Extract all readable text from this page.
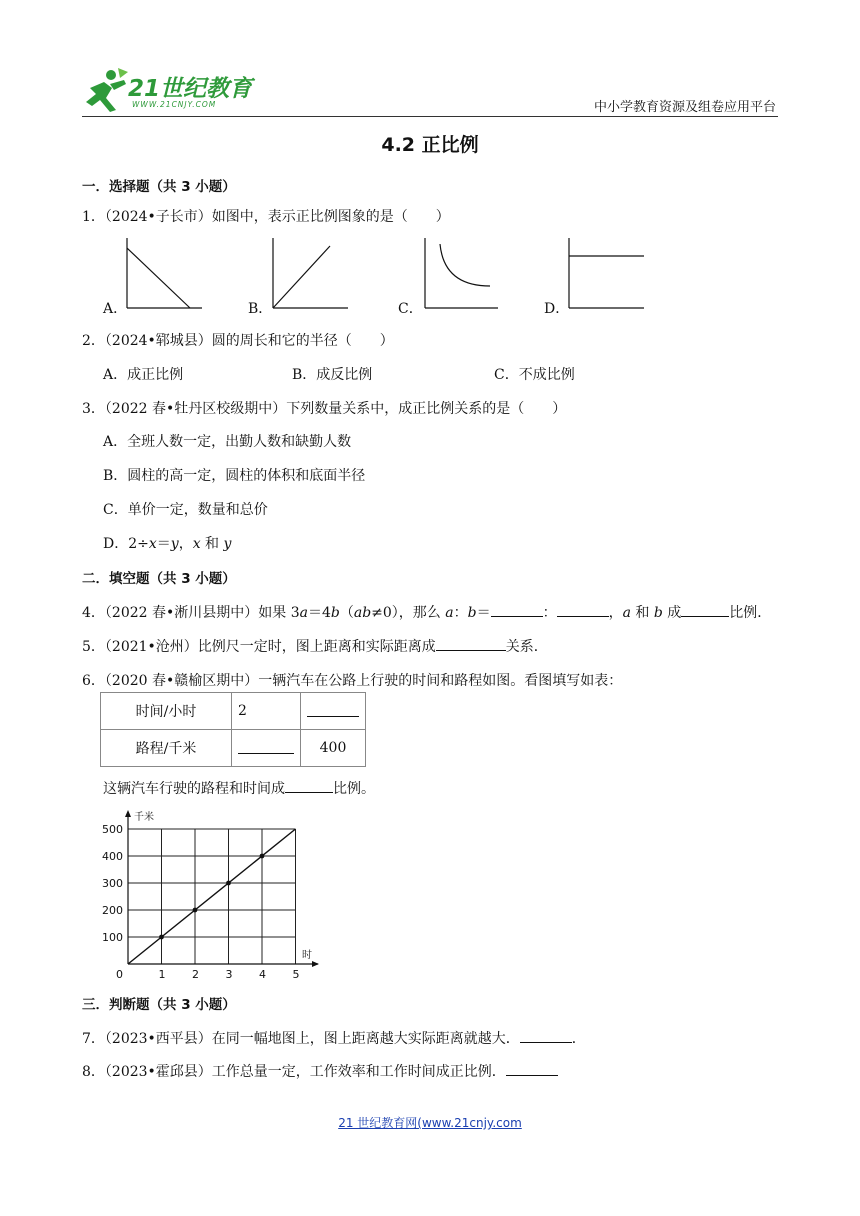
21世纪教育
WWW.21CNJY.COM	中小学教育资源及组卷应用平台
4.2 正比例
一．选择题（共 3 小题）
1．（2024•子长市）如图中，表示正比例图象的是（　　）
A．	B．	C．	D．
2．（2024•郓城县）圆的周长和它的半径（　　）
A．成正比例	B．成反比例	C．不成比例
3．（2022 春•牡丹区校级期中）下列数量关系中，成正比例关系的是（　　）
A．全班人数一定，出勤人数和缺勤人数
B．圆柱的高一定，圆柱的体积和底面半径
C．单价一定，数量和总价
D．2÷x＝y，x 和 y
二．填空题（共 3 小题）
4．（2022 春•淅川县期中）如果 3a＝4b（ab≠0），那么 a：b＝	：	，a 和 b 成	比例．
5．（2021•沧州）比例尺一定时，图上距离和实际距离成	关系．
6．（2020 春•赣榆区期中）一辆汽车在公路上行驶的时间和路程如图。看图填写如表：
时间/小时	2	
路程/千米		400
这辆汽车行驶的路程和时间成	比例。
千米
时
0	1 2 3 4 5
100
200
300
400
500
三．判断题（共 3 小题）
7．（2023•西平县）在同一幅地图上，图上距离越大实际距离就越大．	．
8．（2023•霍邱县）工作总量一定，工作效率和工作时间成正比例．
21 世纪教育网(www.21cnjy.com
